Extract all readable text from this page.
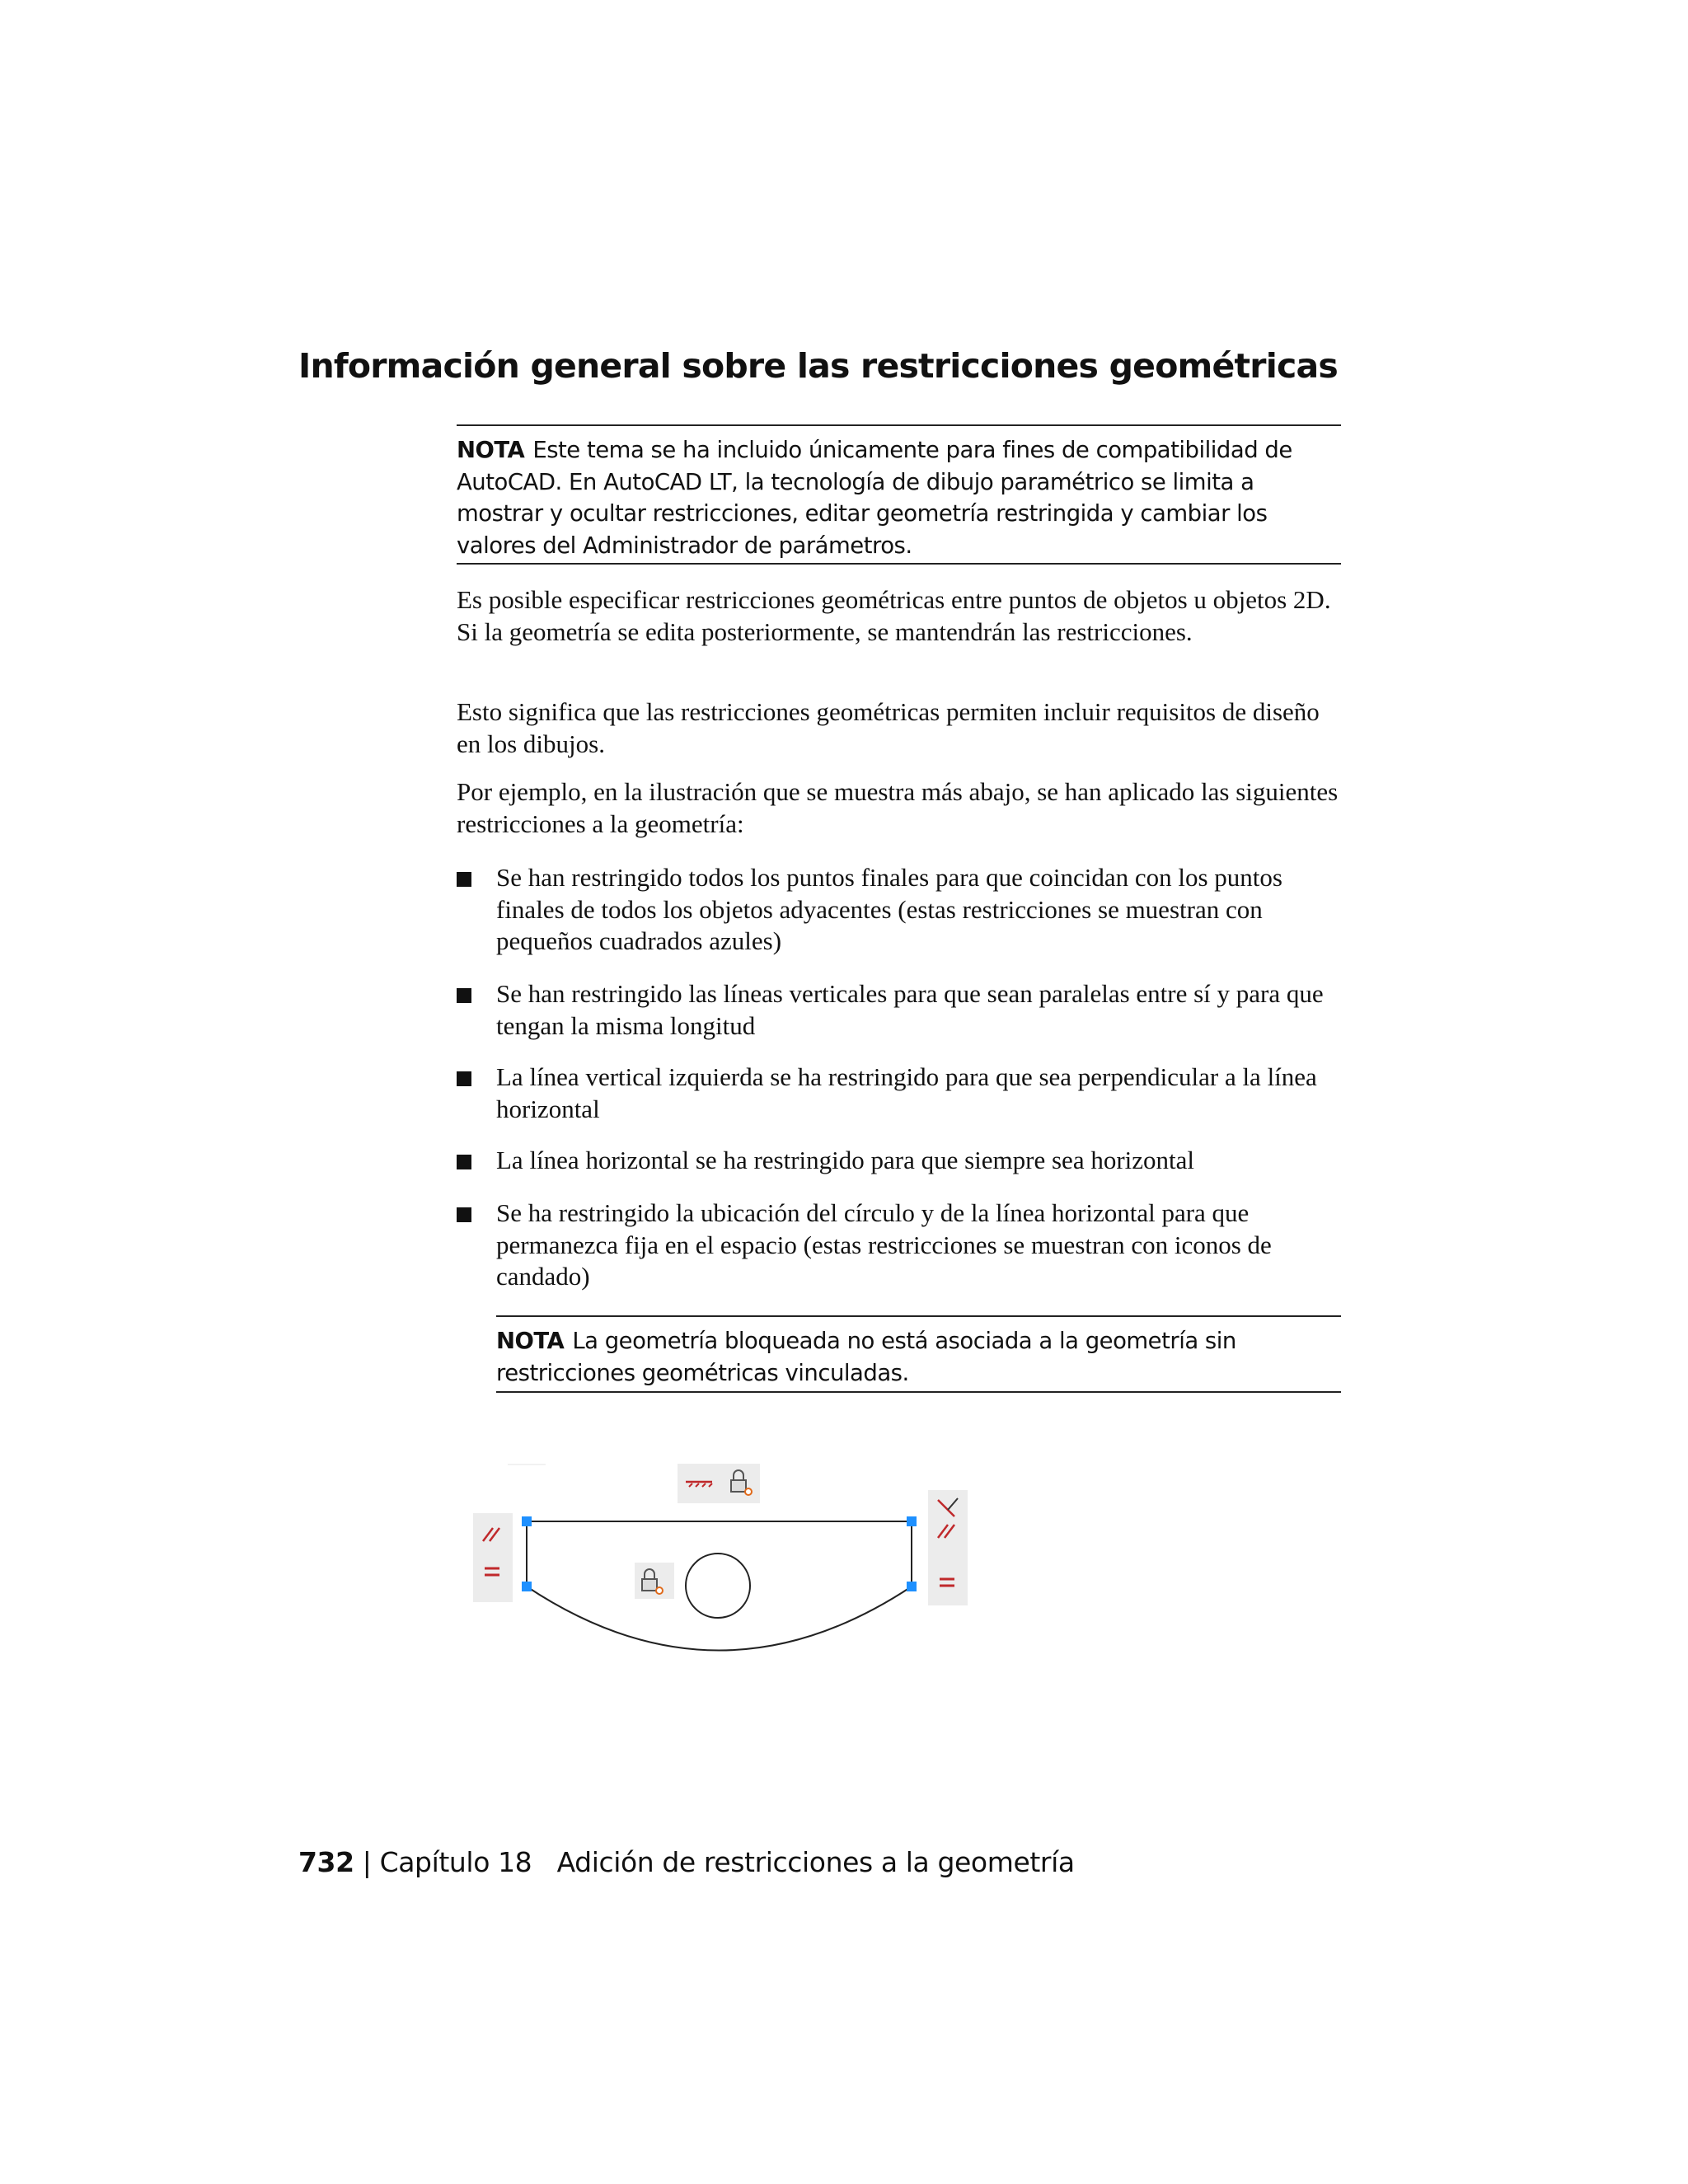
Información general sobre las restricciones geométricas
NOTA Este tema se ha incluido únicamente para fines de compatibilidad de AutoCAD. En AutoCAD LT, la tecnología de dibujo paramétrico se limita a mostrar y ocultar restricciones, editar geometría restringida y cambiar los valores del Administrador de parámetros.

Es posible especificar restricciones geométricas entre puntos de objetos u objetos 2D. Si la geometría se edita posteriormente, se mantendrán las restricciones.

Esto significa que las restricciones geométricas permiten incluir requisitos de diseño en los dibujos.

Por ejemplo, en la ilustración que se muestra más abajo, se han aplicado las siguientes restricciones a la geometría:

Se han restringido todos los puntos finales para que coincidan con los puntos finales de todos los objetos adyacentes (estas restricciones se muestran con pequeños cuadrados azules)
Se han restringido las líneas verticales para que sean paralelas entre sí y para que tengan la misma longitud
La línea vertical izquierda se ha restringido para que sea perpendicular a la línea horizontal
La línea horizontal se ha restringido para que siempre sea horizontal
Se ha restringido la ubicación del círculo y de la línea horizontal para que permanezca fija en el espacio (estas restricciones se muestran con iconos de candado)
NOTA La geometría bloqueada no está asociada a la geometría sin restricciones geométricas vinculadas.
732 | Capítulo 18 Adición de restricciones a la geometría
